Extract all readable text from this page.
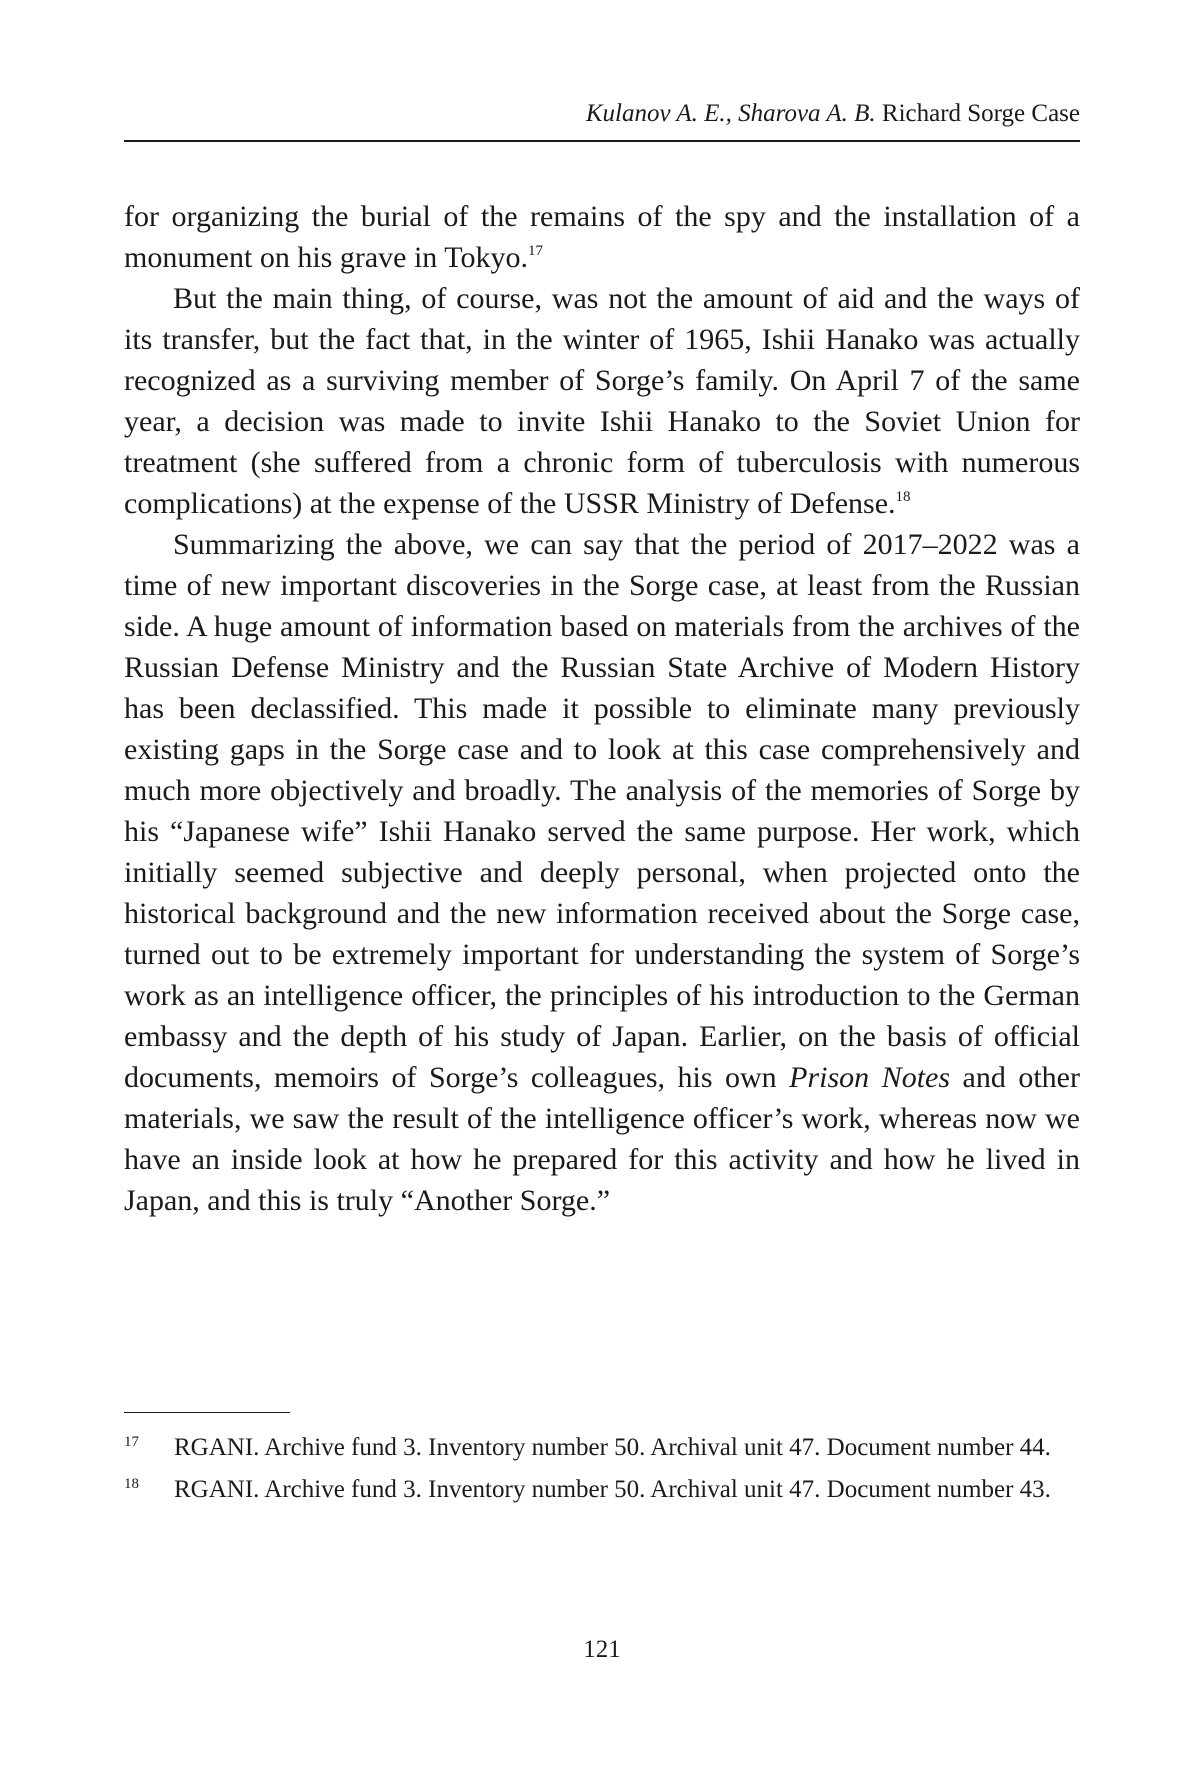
Kulanov A. E., Sharova A. B. Richard Sorge Case

for organizing the burial of the remains of the spy and the installation of a monument on his grave in Tokyo.$^{17}$

But the main thing, of course, was not the amount of aid and the ways of its transfer, but the fact that, in the winter of 1965, Ishii Hanako was actually recognized as a surviving member of Sorge’s family. On April 7 of the same year, a decision was made to invite Ishii Hanako to the Soviet Union for treatment (she suffered from a chronic form of tuberculosis with numerous complications) at the expense of the USSR Ministry of Defense.$^{18}$

Summarizing the above, we can say that the period of 2017–2022 was a time of new important discoveries in the Sorge case, at least from the Russian side. A huge amount of information based on materials from the archives of the Russian Defense Ministry and the Russian State Archive of Modern History has been declassified. This made it possible to eliminate many previously existing gaps in the Sorge case and to look at this case comprehensively and much more objectively and broadly. The analysis of the memories of Sorge by his “Japanese wife” Ishii Hanako served the same purpose. Her work, which initially seemed subjective and deeply personal, when projected onto the historical background and the new information received about the Sorge case, turned out to be extremely important for understanding the system of Sorge’s work as an intelligence officer, the principles of his introduction to the German embassy and the depth of his study of Japan. Earlier, on the basis of official documents, memoirs of Sorge’s colleagues, his own Prison Notes and other materials, we saw the result of the intelligence officer’s work, whereas now we have an inside look at how he prepared for this activity and how he lived in Japan, and this is truly “Another Sorge.”

17 RGANI. Archive fund 3. Inventory number 50. Archival unit 47. Document number 44.
18 RGANI. Archive fund 3. Inventory number 50. Archival unit 47. Document number 43.
121
